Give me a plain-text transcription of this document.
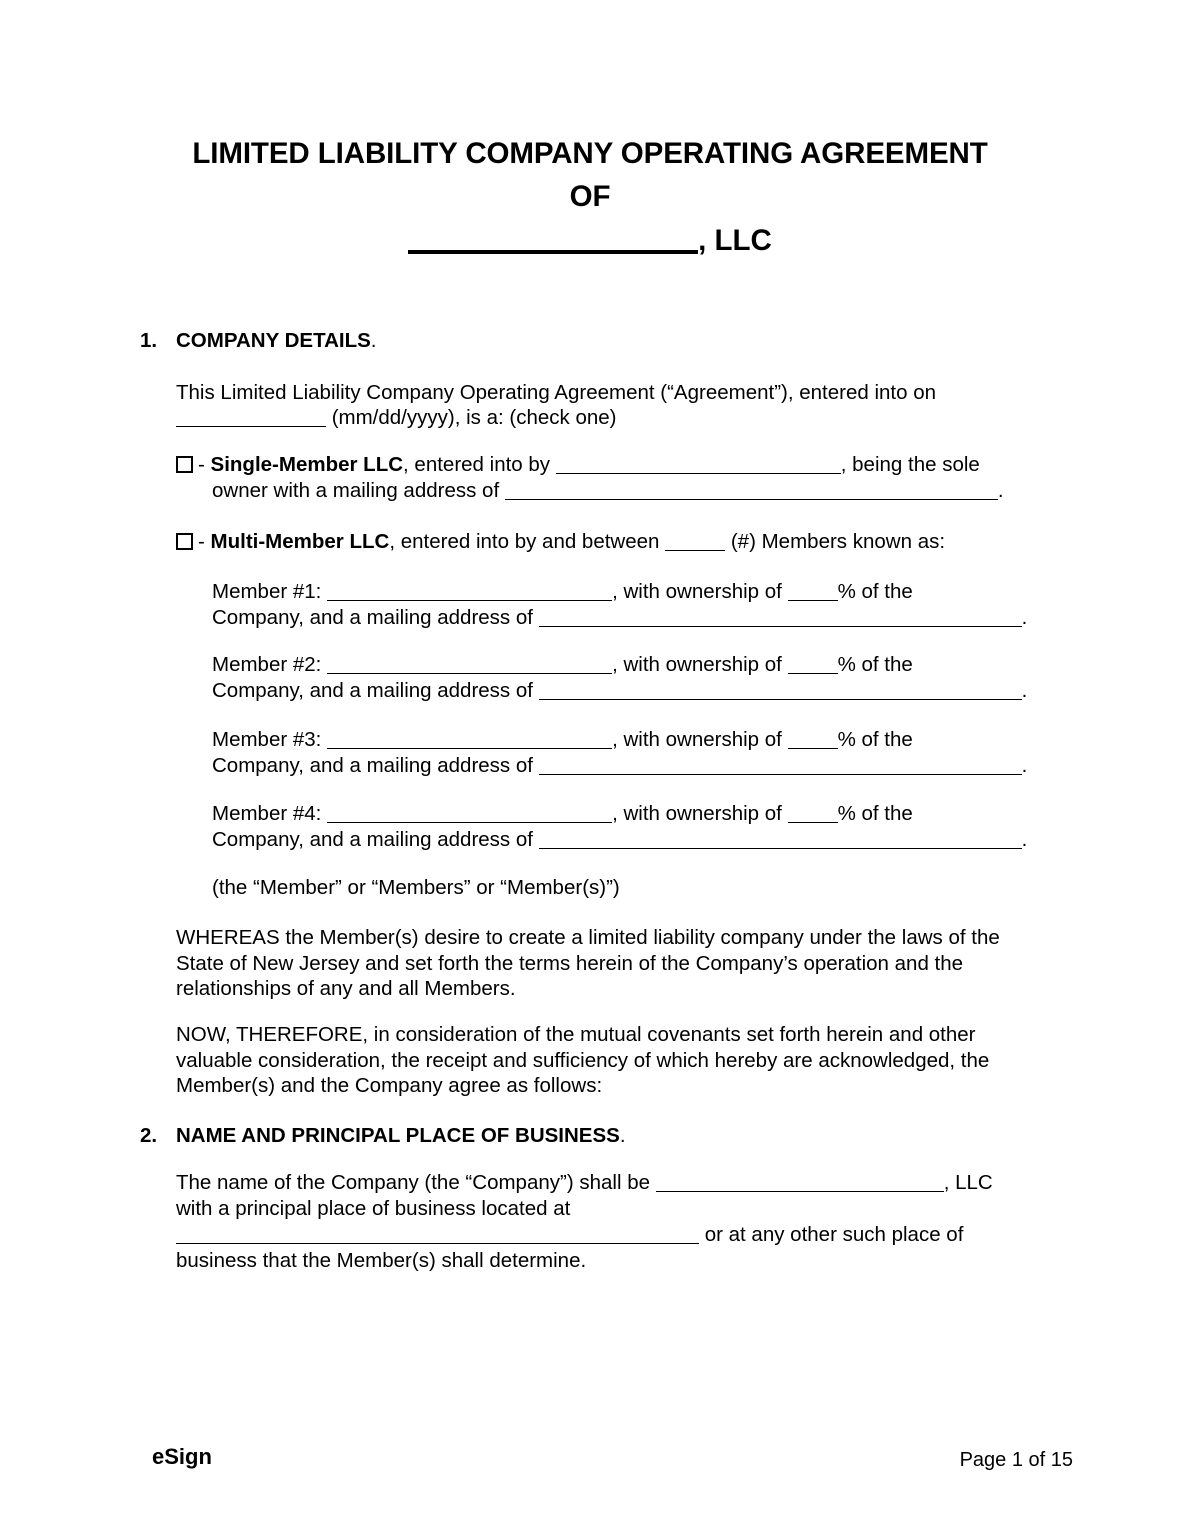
LIMITED LIABILITY COMPANY OPERATING AGREEMENT
OF
, LLC
1. COMPANY DETAILS.
This Limited Liability Company Operating Agreement (“Agreement”), entered into on
(mm/dd/yyyy), is a: (check one)
- Single-Member LLC, entered into by	, being the sole
owner with a mailing address of	.
- Multi-Member LLC, entered into by and between	(#) Members known as:
Member #1:	, with ownership of	% of the
Company, and a mailing address of	.
Member #2:	, with ownership of	% of the
Company, and a mailing address of	.
Member #3:	, with ownership of	% of the
Company, and a mailing address of	.
Member #4:	, with ownership of	% of the
Company, and a mailing address of	.
(the “Member” or “Members” or “Member(s)”)
WHEREAS the Member(s) desire to create a limited liability company under the laws of the State of New Jersey and set forth the terms herein of the Company’s operation and the relationships of any and all Members.
NOW, THEREFORE, in consideration of the mutual covenants set forth herein and other valuable consideration, the receipt and sufficiency of which hereby are acknowledged, the Member(s) and the Company agree as follows:
2. NAME AND PRINCIPAL PLACE OF BUSINESS.
The name of the Company (the “Company”) shall be	, LLC
with a principal place of business located at
or at any other such place of
business that the Member(s) shall determine.
eSign	Page 1 of 15
